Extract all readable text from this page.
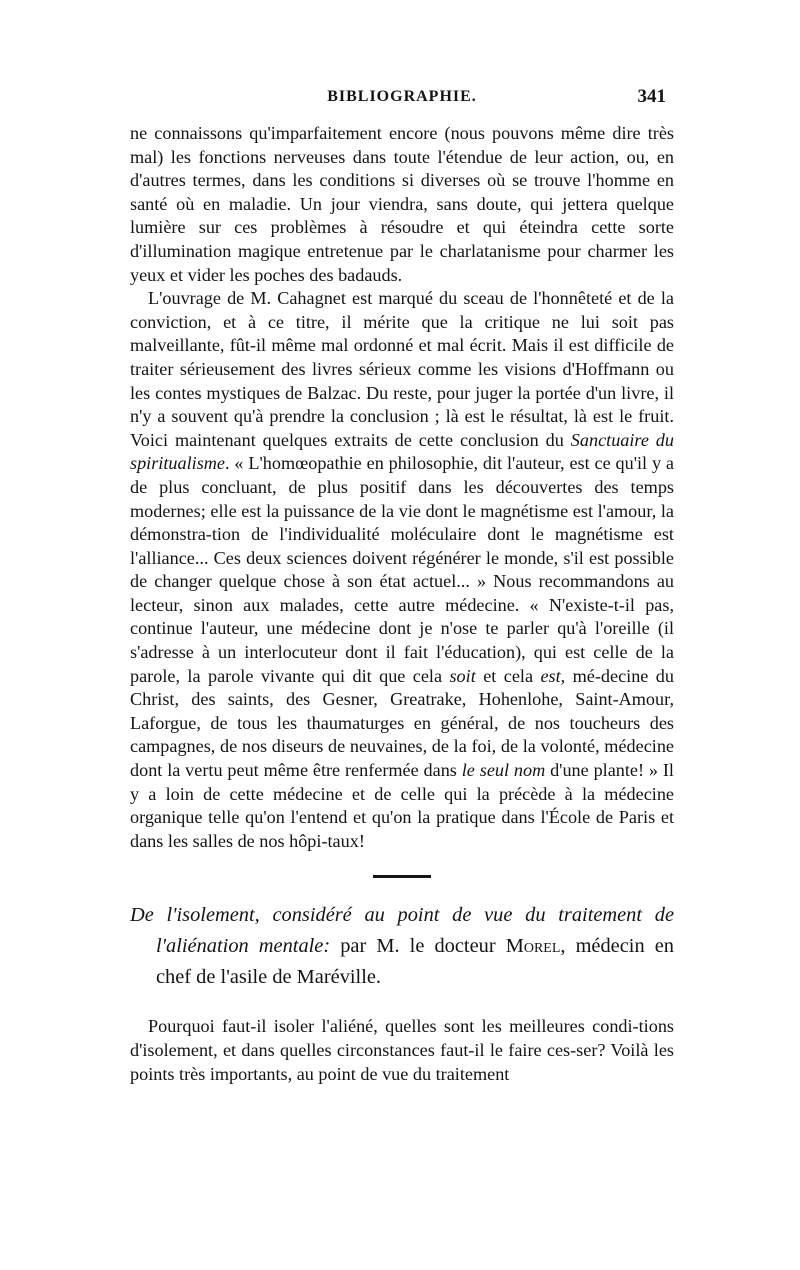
BIBLIOGRAPHIE.	341

ne connaissons qu'imparfaitement encore (nous pouvons même dire très mal) les fonctions nerveuses dans toute l'étendue de leur action, ou, en d'autres termes, dans les conditions si diverses où se trouve l'homme en santé où en maladie. Un jour viendra, sans doute, qui jettera quelque lumière sur ces problèmes à résoudre et qui éteindra cette sorte d'illumination magique entretenue par le charlatanisme pour charmer les yeux et vider les poches des badauds.

L'ouvrage de M. Cahagnet est marqué du sceau de l'honnêteté et de la conviction, et à ce titre, il mérite que la critique ne lui soit pas malveillante, fût-il même mal ordonné et mal écrit. Mais il est difficile de traiter sérieusement des livres sérieux comme les visions d'Hoffmann ou les contes mystiques de Balzac. Du reste, pour juger la portée d'un livre, il n'y a souvent qu'à prendre la conclusion ; là est le résultat, là est le fruit. Voici maintenant quelques extraits de cette conclusion du Sanctuaire du spiritualisme. « L'homœopathie en philosophie, dit l'auteur, est ce qu'il y a de plus concluant, de plus positif dans les découvertes des temps modernes; elle est la puissance de la vie dont le magnétisme est l'amour, la démonstra-tion de l'individualité moléculaire dont le magnétisme est l'alliance... Ces deux sciences doivent régénérer le monde, s'il est possible de changer quelque chose à son état actuel... » Nous recommandons au lecteur, sinon aux malades, cette autre médecine. « N'existe-t-il pas, continue l'auteur, une médecine dont je n'ose te parler qu'à l'oreille (il s'adresse à un interlocuteur dont il fait l'éducation), qui est celle de la parole, la parole vivante qui dit que cela soit et cela est, mé-decine du Christ, des saints, des Gesner, Greatrake, Hohenlohe, Saint-Amour, Laforgue, de tous les thaumaturges en général, de nos toucheurs des campagnes, de nos diseurs de neuvaines, de la foi, de la volonté, médecine dont la vertu peut même être renfermée dans le seul nom d'une plante! » Il y a loin de cette médecine et de celle qui la précède à la médecine organique telle qu'on l'entend et qu'on la pratique dans l'École de Paris et dans les salles de nos hôpi-taux!

De l'isolement, considéré au point de vue du traitement de l'aliénation mentale: par M. le docteur Morel, médecin en chef de l'asile de Maréville.

Pourquoi faut-il isoler l'aliéné, quelles sont les meilleures condi-tions d'isolement, et dans quelles circonstances faut-il le faire ces-ser? Voilà les points très importants, au point de vue du traitement
